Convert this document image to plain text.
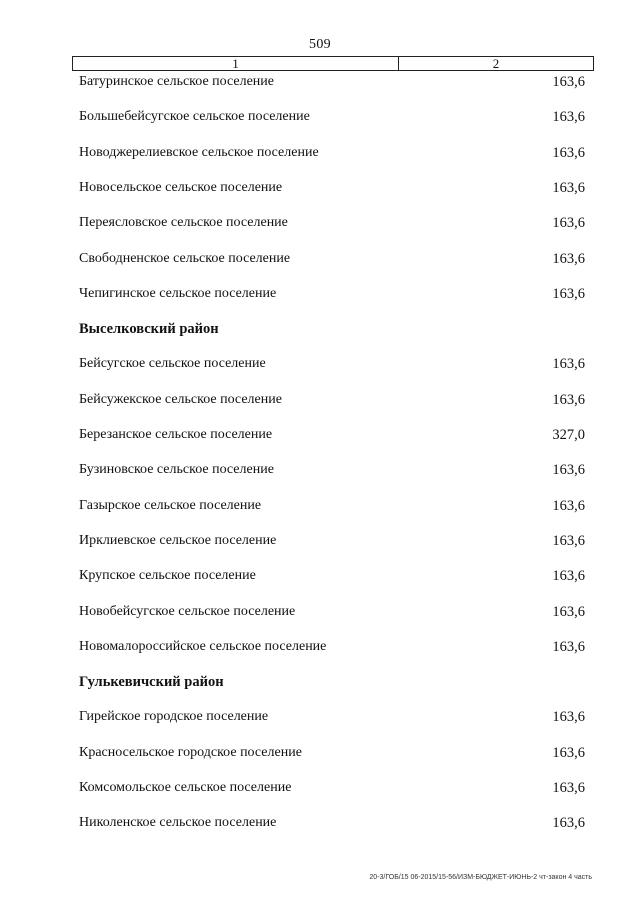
509
1	2
Батуринское сельское поселение	163,6
Большебейсугское сельское поселение	163,6
Новоджерелиевское сельское поселение	163,6
Новосельское сельское поселение	163,6
Переясловское сельское поселение	163,6
Свободненское сельское поселение	163,6
Чепигинское сельское поселение	163,6
Выселковский район
Бейсугское сельское поселение	163,6
Бейсужекское сельское поселение	163,6
Березанское сельское поселение	327,0
Бузиновское сельское поселение	163,6
Газырское сельское поселение	163,6
Ирклиевское сельское поселение	163,6
Крупское сельское поселение	163,6
Новобейсугское сельское поселение	163,6
Новомалороссийское сельское поселение	163,6
Гулькевичский район
Гирейское городское поселение	163,6
Красносельское городское поселение	163,6
Комсомольское сельское поселение	163,6
Николенское сельское поселение	163,6
20-3/ГОБ/15 06-2015/15-56/ИЗМ-БЮДЖЕТ-ИЮНЬ-2 чт-закон 4 часть
